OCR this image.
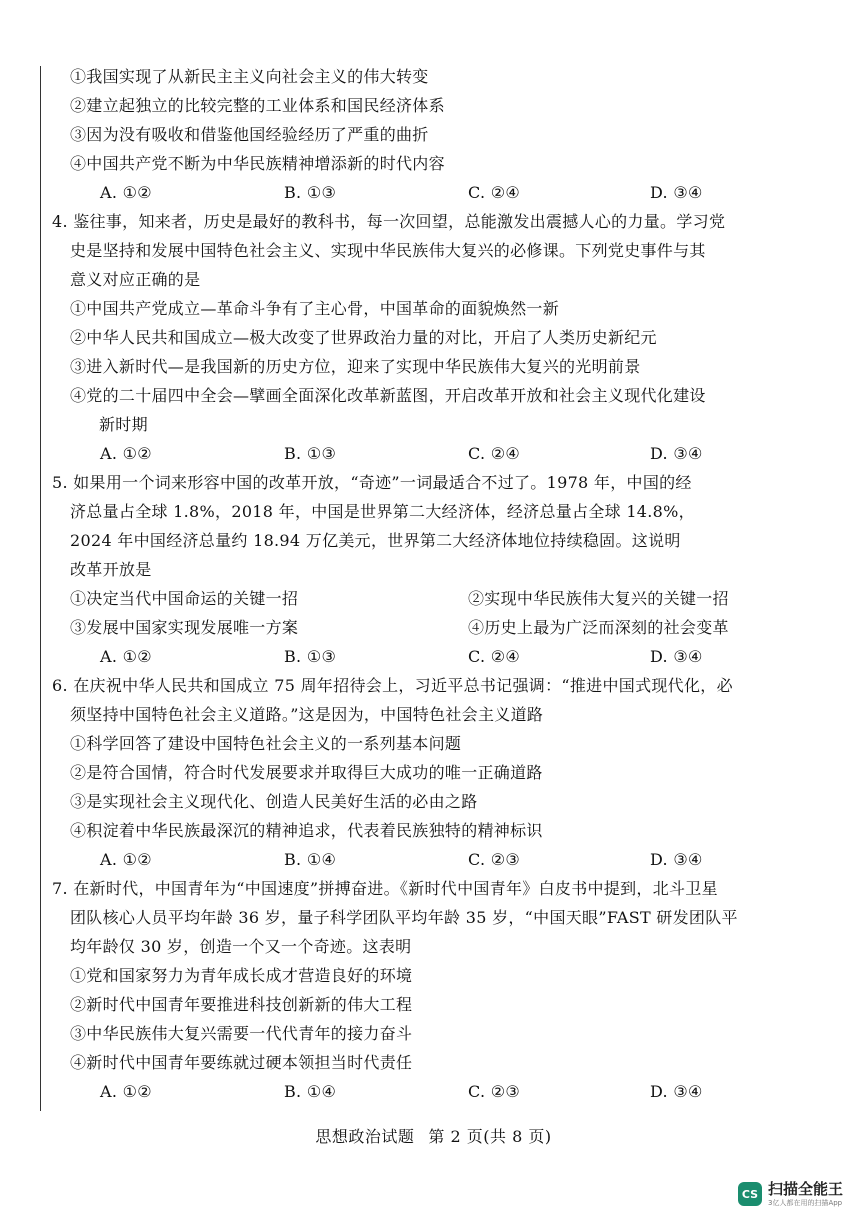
①我国实现了从新民主主义向社会主义的伟大转变
②建立起独立的比较完整的工业体系和国民经济体系
③因为没有吸收和借鉴他国经验经历了严重的曲折
④中国共产党不断为中华民族精神增添新的时代内容
A. ①②	B. ①③	C. ②④	D. ③④
4. 鉴往事，知来者，历史是最好的教科书，每一次回望，总能激发出震撼人心的力量。学习党
史是坚持和发展中国特色社会主义、实现中华民族伟大复兴的必修课。下列党史事件与其
意义对应正确的是
①中国共产党成立—革命斗争有了主心骨，中国革命的面貌焕然一新
②中华人民共和国成立—极大改变了世界政治力量的对比，开启了人类历史新纪元
③进入新时代—是我国新的历史方位，迎来了实现中华民族伟大复兴的光明前景
④党的二十届四中全会—擘画全面深化改革新蓝图，开启改革开放和社会主义现代化建设
新时期
A. ①②	B. ①③	C. ②④	D. ③④
5. 如果用一个词来形容中国的改革开放，“奇迹”一词最适合不过了。1978 年，中国的经
济总量占全球 1.8%，2018 年，中国是世界第二大经济体，经济总量占全球 14.8%，
2024 年中国经济总量约 18.94 万亿美元，世界第二大经济体地位持续稳固。这说明
改革开放是
①决定当代中国命运的关键一招	②实现中华民族伟大复兴的关键一招
③发展中国家实现发展唯一方案	④历史上最为广泛而深刻的社会变革
A. ①②	B. ①③	C. ②④	D. ③④
6. 在庆祝中华人民共和国成立 75 周年招待会上，习近平总书记强调：“推进中国式现代化，必
须坚持中国特色社会主义道路。”这是因为，中国特色社会主义道路
①科学回答了建设中国特色社会主义的一系列基本问题
②是符合国情，符合时代发展要求并取得巨大成功的唯一正确道路
③是实现社会主义现代化、创造人民美好生活的必由之路
④积淀着中华民族最深沉的精神追求，代表着民族独特的精神标识
A. ①②	B. ①④	C. ②③	D. ③④
7. 在新时代，中国青年为“中国速度”拼搏奋进。《新时代中国青年》白皮书中提到，北斗卫星
团队核心人员平均年龄 36 岁，量子科学团队平均年龄 35 岁，“中国天眼”FAST 研发团队平
均年龄仅 30 岁，创造一个又一个奇迹。这表明
①党和国家努力为青年成长成才营造良好的环境
②新时代中国青年要推进科技创新新的伟大工程
③中华民族伟大复兴需要一代代青年的接力奋斗
④新时代中国青年要练就过硬本领担当时代责任
A. ①②	B. ①④	C. ②③	D. ③④
思想政治试题 第 2 页(共 8 页)
CS 扫描全能王
3亿人都在用的扫描App
